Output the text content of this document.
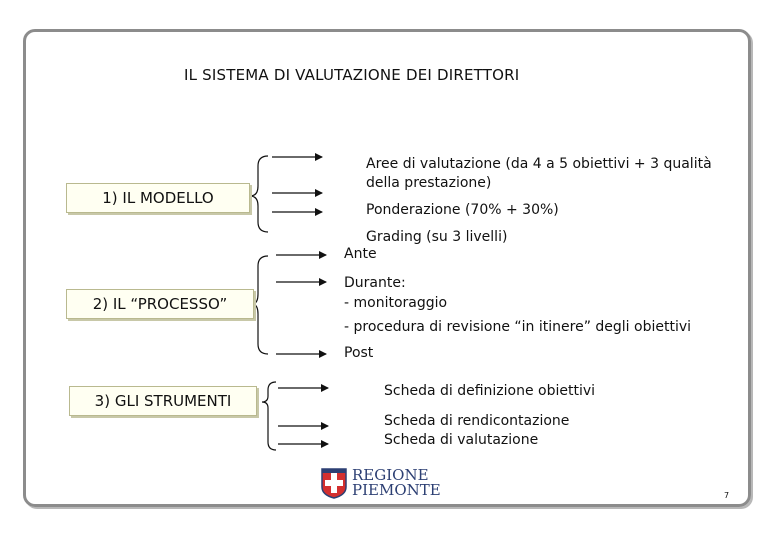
IL SISTEMA DI VALUTAZIONE DEI DIRETTORI
1) IL MODELLO
2) IL “PROCESSO”
3) GLI STRUMENTI
Aree di valutazione (da 4 a 5 obiettivi + 3 qualità
della prestazione)
Ponderazione (70% + 30%)
Grading (su 3 livelli)
Ante
Durante:
- monitoraggio
- procedura di revisione “in itinere” degli obiettivi
Post
Scheda di definizione obiettivi
Scheda di rendicontazione
Scheda di valutazione
REGIONE
PIEMONTE	7
